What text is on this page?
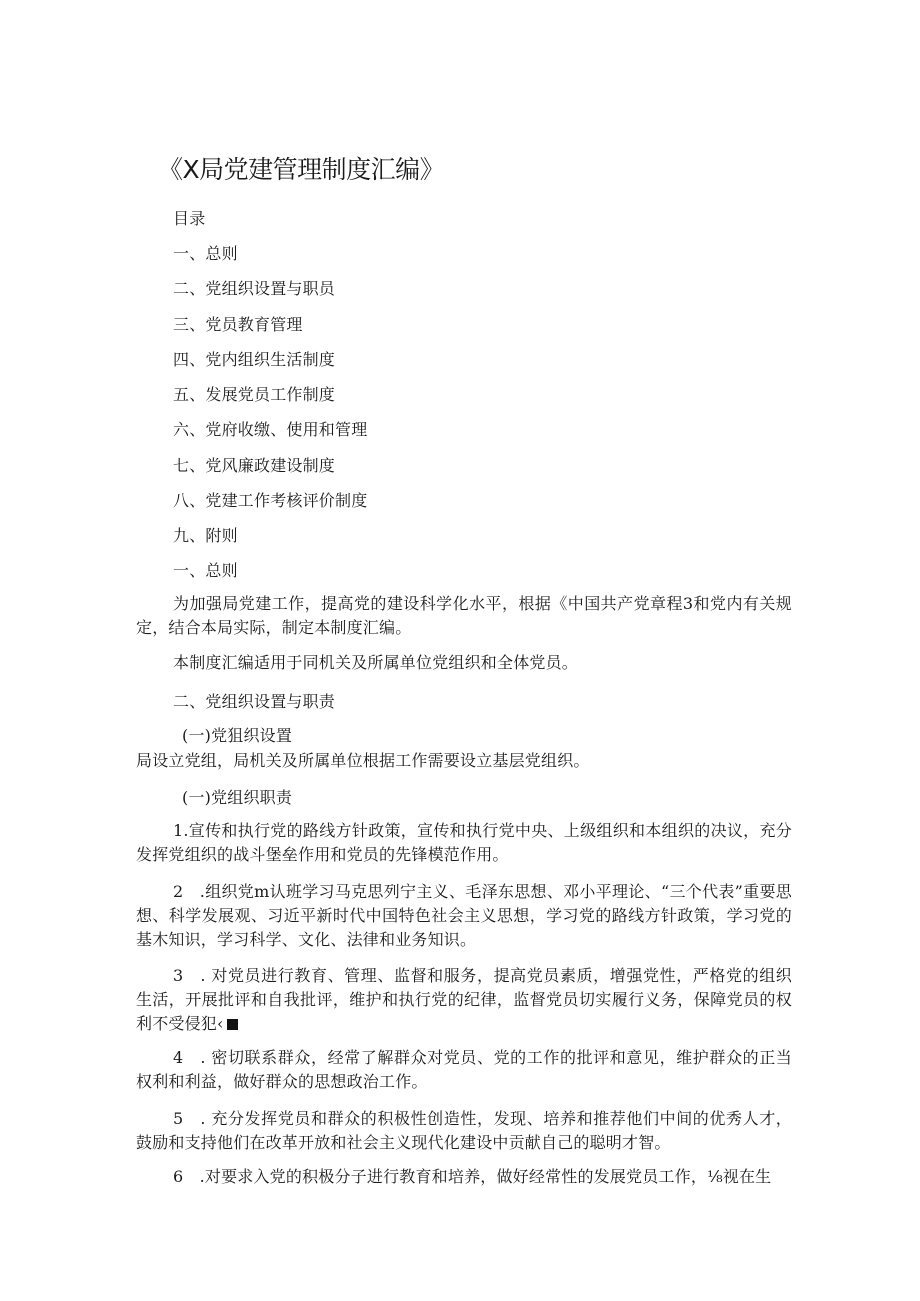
《X局党建管理制度汇编》
目录
一、总则
二、党组织设置与职员
三、党员教育管理
四、党内组织生活制度
五、发展党员工作制度
六、党府收缴、使用和管理
七、党风廉政建设制度
八、党建工作考核评价制度
九、附则
一、总则
为加强局党建工作，提高党的建设科学化水平，根据《中国共产党章程3和党内有关规定，结合本局实际，制定本制度汇编。
本制度汇编适用于同机关及所属单位党组织和全体党员。
二、党组织设置与职责
(一)党狙织设置
局设立党组，局机关及所属单位根据工作需要设立基层党组织。
(一)党组织职责
1.宣传和执行党的路线方针政策，宣传和执行党中央、上级组织和本组织的决议，充分发挥党组织的战斗堡垒作用和党员的先锋模范作用。
2　.组织党m认班学习马克思列宁主义、毛泽东思想、邓小平理论、“三个代表”重要思想、科学发展观、习近平新时代中国特色社会主义思想，学习党的路线方针政策，学习党的基木知识，学习科学、文化、法律和业务知识。
3　. 对党员进行教育、管理、监督和服务，提高党员素质，增强党性，严格党的组织生活，开展批评和自我批评，维护和执行党的纪律，监督党员切实履行义务，保障党员的权利不受侵犯‹
4　. 密切联系群众，经常了解群众对党员、党的工作的批评和意见，维护群众的正当权利和利益，做好群众的思想政治工作。
5　. 充分发挥党员和群众的积极性创造性，发现、培养和推荐他们中间的优秀人才，鼓励和支持他们在改革开放和社会主义现代化建设中贡献自己的聪明才智。
6　.对要求入党的积极分子进行教育和培养，做好经常性的发展党员工作，⅛视在生
